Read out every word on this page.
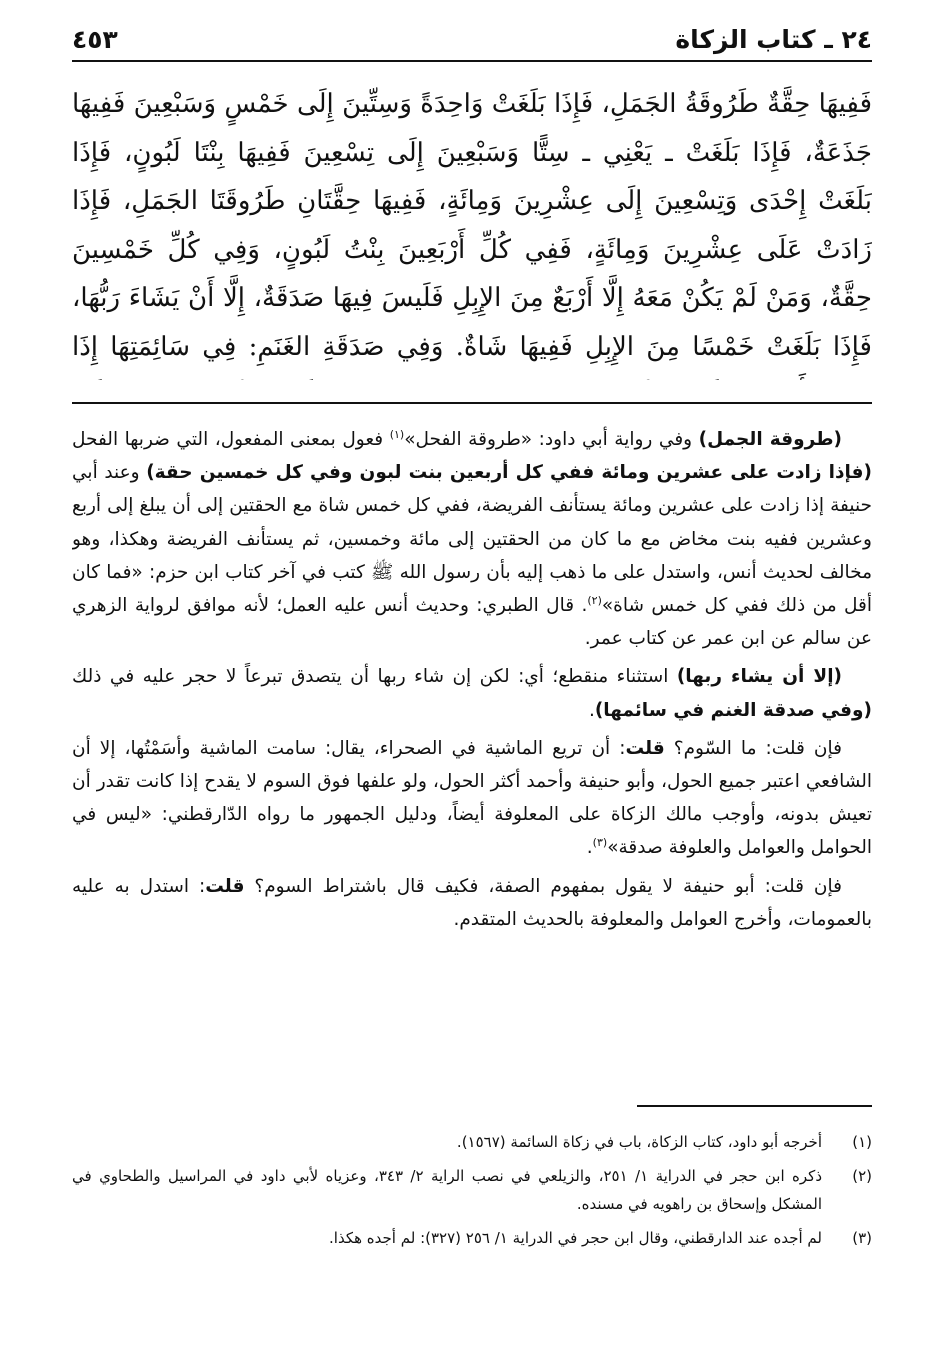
٢٤ ـ كتاب الزكاة
٤٥٣
فَفِيهَا حِقَّةٌ طَرُوقَةُ الجَمَلِ، فَإِذَا بَلَغَتْ وَاحِدَةً وَسِتِّينَ إِلَى خَمْسٍ وَسَبْعِينَ فَفِيهَا جَذَعَةٌ، فَإِذَا بَلَغَتْ ـ يَعْنِي ـ سِتًّا وَسَبْعِينَ إِلَى تِسْعِينَ فَفِيهَا بِنْتَا لَبُونٍ، فَإِذَا بَلَغَتْ إِحْدَى وَتِسْعِينَ إِلَى عِشْرِينَ وَمِائَةٍ، فَفِيهَا حِقَّتَانِ طَرُوقَتَا الجَمَلِ، فَإِذَا زَادَتْ عَلَى عِشْرِينَ وَمِائَةٍ، فَفِي كُلِّ أَرْبَعِينَ بِنْتُ لَبُونٍ، وَفِي كُلِّ خَمْسِينَ حِقَّةٌ، وَمَنْ لَمْ يَكُنْ مَعَهُ إِلَّا أَرْبَعٌ مِنَ الإِبِلِ فَلَيسَ فِيهَا صَدَقَةٌ، إِلَّا أَنْ يَشَاءَ رَبُّهَا، فَإِذَا بَلَغَتْ خَمْسًا مِنَ الإِبِلِ فَفِيهَا شَاةٌ. وَفِي صَدَقَةِ الغَنَمِ: فِي سَائِمَتِهَا إِذَا

(طروقة الجمل) وفي رواية أبي داود: «طروقة الفحل»$^{(١)}$ فعول بمعنى المفعول، التي ضربها الفحل (فإذا زادت على عشرين ومائة ففي كل أربعين بنت لبون وفي كل خمسين حقة) وعند أبي حنيفة إذا زادت على عشرين ومائة يستأنف الفريضة، ففي كل خمس شاة مع الحقتين إلى أن يبلغ إلى أربع وعشرين ففيه بنت مخاض مع ما كان من الحقتين إلى مائة وخمسين، ثم يستأنف الفريضة وهكذا، وهو مخالف لحديث أنس، واستدل على ما ذهب إليه بأن رسول الله ﷺ كتب في آخر كتاب ابن حزم: «فما كان أقل من ذلك ففي كل خمس شاة»$^{(٢)}$. قال الطبري: وحديث أنس عليه العمل؛ لأنه موافق لرواية الزهري عن سالم عن ابن عمر عن كتاب عمر.

(إلا أن يشاء ربها) استثناء منقطع؛ أي: لكن إن شاء ربها أن يتصدق تبرعاً لا حجر عليه في ذلك (وفي صدقة الغنم في سائمها).

فإن قلت: ما السّوم؟ قلت: أن تريع الماشية في الصحراء، يقال: سامت الماشية وأسَمْتُها، إلا أن الشافعي اعتبر جميع الحول، وأبو حنيفة وأحمد أكثر الحول، ولو علفها فوق السوم لا يقدح إذا كانت تقدر أن تعيش بدونه، وأوجب مالك الزكاة على المعلوفة أيضاً، ودليل الجمهور ما رواه الدّارقطني: «ليس في الحوامل والعوامل والعلوفة صدقة»$^{(٣)}$.

فإن قلت: أبو حنيفة لا يقول بمفهوم الصفة، فكيف قال باشتراط السوم؟ قلت: استدل به عليه بالعمومات، وأخرج العوامل والمعلوفة بالحديث المتقدم.

(١)
أخرجه أبو داود، كتاب الزكاة، باب في زكاة السائمة (١٥٦٧).
(٢)
ذكره ابن حجر في الدراية ١/ ٢٥١، والزيلعي في نصب الراية ٢/ ٣٤٣، وعزياه لأبي داود في المراسيل والطحاوي في المشكل وإسحاق بن راهويه في مسنده.
(٣)
لم أجده عند الدارقطني، وقال ابن حجر في الدراية ١/ ٢٥٦ (٣٢٧): لم أجده هكذا.
